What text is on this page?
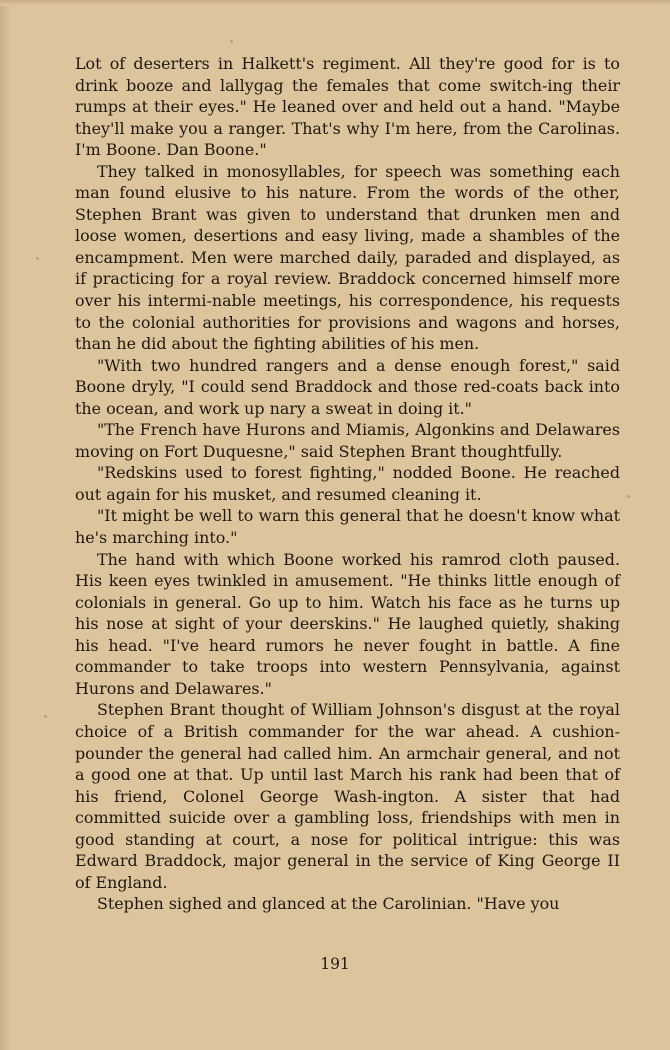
Lot of deserters in Halkett's regiment. All they're good for is to drink booze and lallygag the females that come switch-ing their rumps at their eyes." He leaned over and held out a hand. "Maybe they'll make you a ranger. That's why I'm here, from the Carolinas. I'm Boone. Dan Boone."

They talked in monosyllables, for speech was something each man found elusive to his nature. From the words of the other, Stephen Brant was given to understand that drunken men and loose women, desertions and easy living, made a shambles of the encampment. Men were marched daily, paraded and displayed, as if practicing for a royal review. Braddock concerned himself more over his intermi-nable meetings, his correspondence, his requests to the colonial authorities for provisions and wagons and horses, than he did about the fighting abilities of his men.

"With two hundred rangers and a dense enough forest," said Boone dryly, "I could send Braddock and those red-coats back into the ocean, and work up nary a sweat in doing it."

"The French have Hurons and Miamis, Algonkins and Delawares moving on Fort Duquesne," said Stephen Brant thoughtfully.

"Redskins used to forest fighting," nodded Boone. He reached out again for his musket, and resumed cleaning it.

"It might be well to warn this general that he doesn't know what he's marching into."

The hand with which Boone worked his ramrod cloth paused. His keen eyes twinkled in amusement. "He thinks little enough of colonials in general. Go up to him. Watch his face as he turns up his nose at sight of your deerskins." He laughed quietly, shaking his head. "I've heard rumors he never fought in battle. A fine commander to take troops into western Pennsylvania, against Hurons and Delawares."

Stephen Brant thought of William Johnson's disgust at the royal choice of a British commander for the war ahead. A cushion-pounder the general had called him. An armchair general, and not a good one at that. Up until last March his rank had been that of his friend, Colonel George Wash-ington. A sister that had committed suicide over a gambling loss, friendships with men in good standing at court, a nose for political intrigue: this was Edward Braddock, major general in the service of King George II of England.

Stephen sighed and glanced at the Carolinian. "Have you

191
